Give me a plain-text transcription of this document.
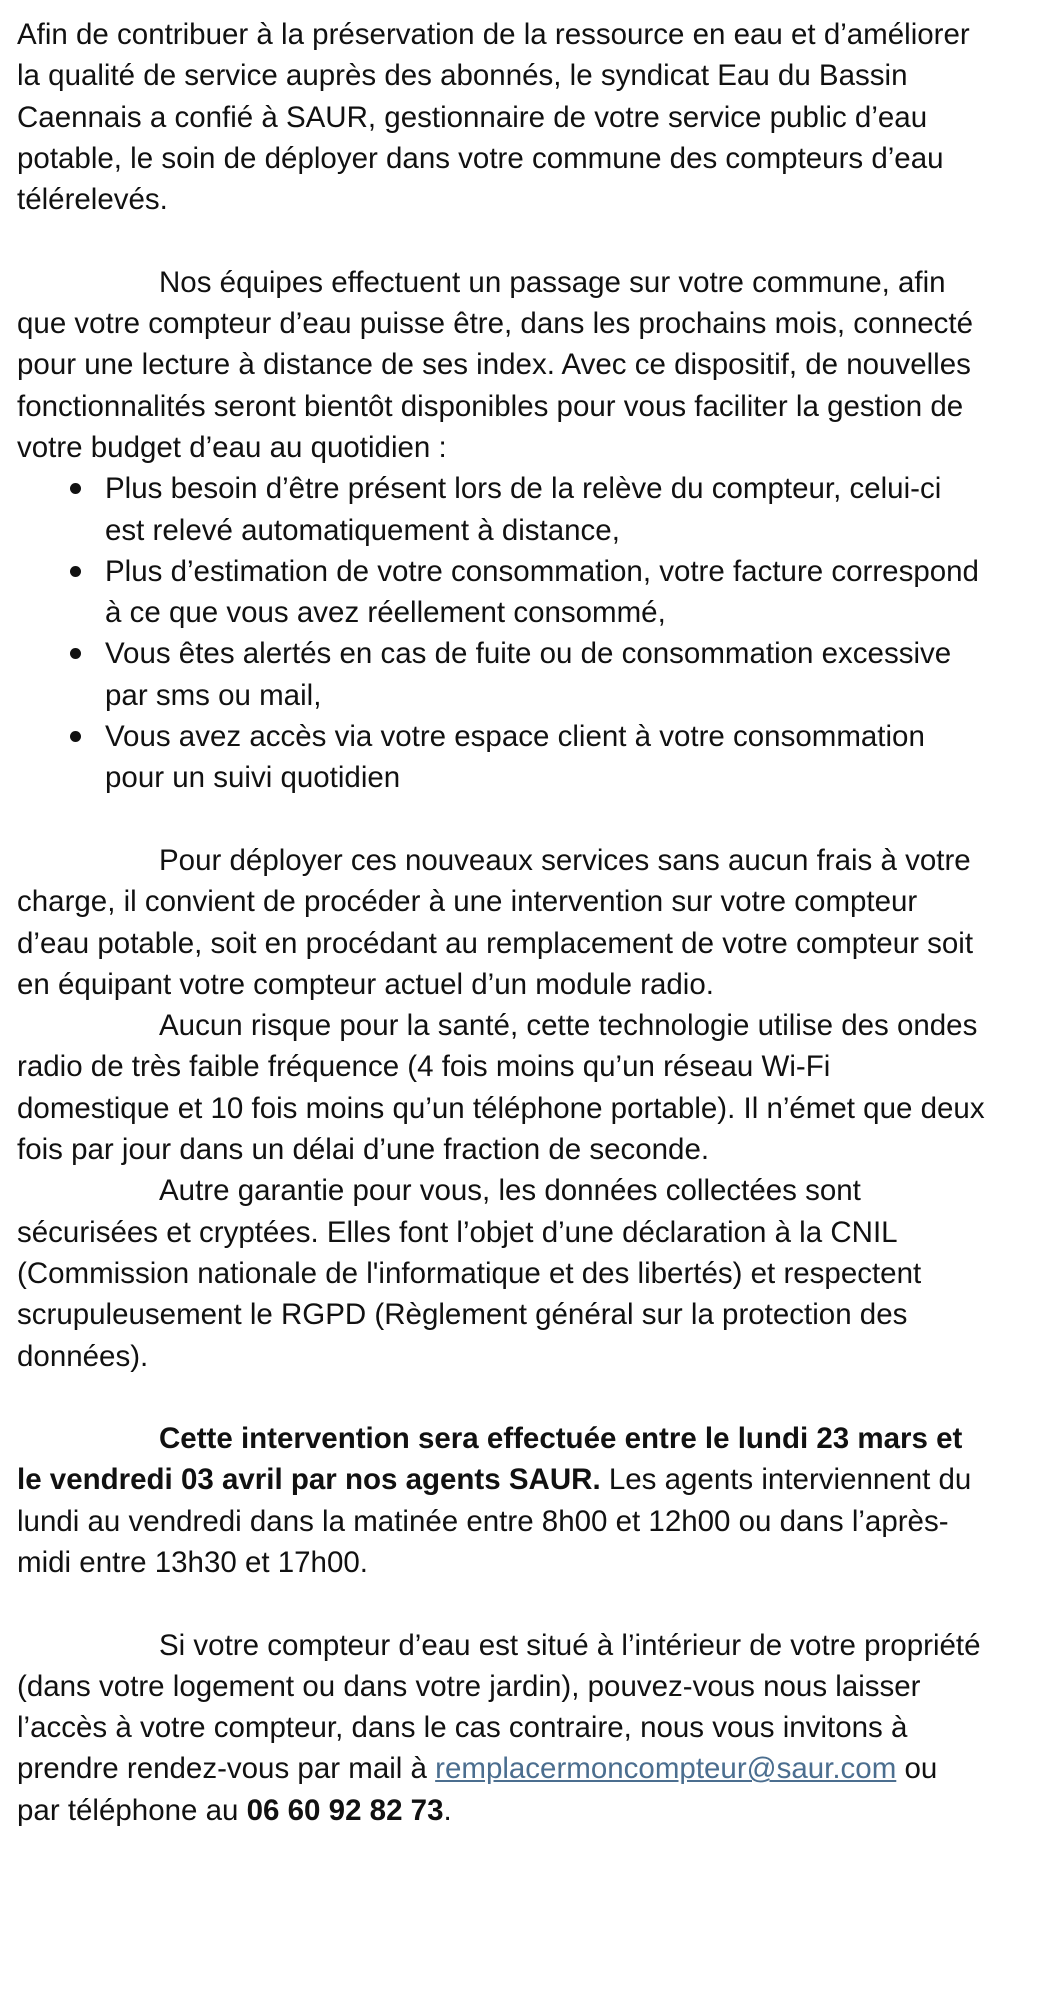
Afin de contribuer à la préservation de la ressource en eau et d’améliorer la qualité de service auprès des abonnés, le syndicat Eau du Bassin Caennais a confié à SAUR, gestionnaire de votre service public d’eau potable, le soin de déployer dans votre commune des compteurs d’eau télérelevés.

Nos équipes effectuent un passage sur votre commune, afin que votre compteur d’eau puisse être, dans les prochains mois, connecté pour une lecture à distance de ses index. Avec ce dispositif, de nouvelles fonctionnalités seront bientôt disponibles pour vous faciliter la gestion de votre budget d’eau au quotidien :

Plus besoin d’être présent lors de la relève du compteur, celui-ci est relevé automatiquement à distance,
Plus d’estimation de votre consommation, votre facture correspond à ce que vous avez réellement consommé,
Vous êtes alertés en cas de fuite ou de consommation excessive par sms ou mail,
Vous avez accès via votre espace client à votre consommation pour un suivi quotidien

Pour déployer ces nouveaux services sans aucun frais à votre charge, il convient de procéder à une intervention sur votre compteur d’eau potable, soit en procédant au remplacement de votre compteur soit en équipant votre compteur actuel d’un module radio.

Aucun risque pour la santé, cette technologie utilise des ondes radio de très faible fréquence (4 fois moins qu’un réseau Wi-Fi domestique et 10 fois moins qu’un téléphone portable). Il n’émet que deux fois par jour dans un délai d’une fraction de seconde.

Autre garantie pour vous, les données collectées sont sécurisées et cryptées. Elles font l’objet d’une déclaration à la CNIL (Commission nationale de l'informatique et des libertés) et respectent scrupuleusement le RGPD (Règlement général sur la protection des données).

Cette intervention sera effectuée entre le lundi 23 mars et le vendredi 03 avril par nos agents SAUR. Les agents interviennent du lundi au vendredi dans la matinée entre 8h00 et 12h00 ou dans l’après-midi entre 13h30 et 17h00.

Si votre compteur d’eau est situé à l’intérieur de votre propriété (dans votre logement ou dans votre jardin), pouvez-vous nous laisser l’accès à votre compteur, dans le cas contraire, nous vous invitons à prendre rendez-vous par mail à remplacermoncompteur@saur.com ou par téléphone au 06 60 92 82 73.
